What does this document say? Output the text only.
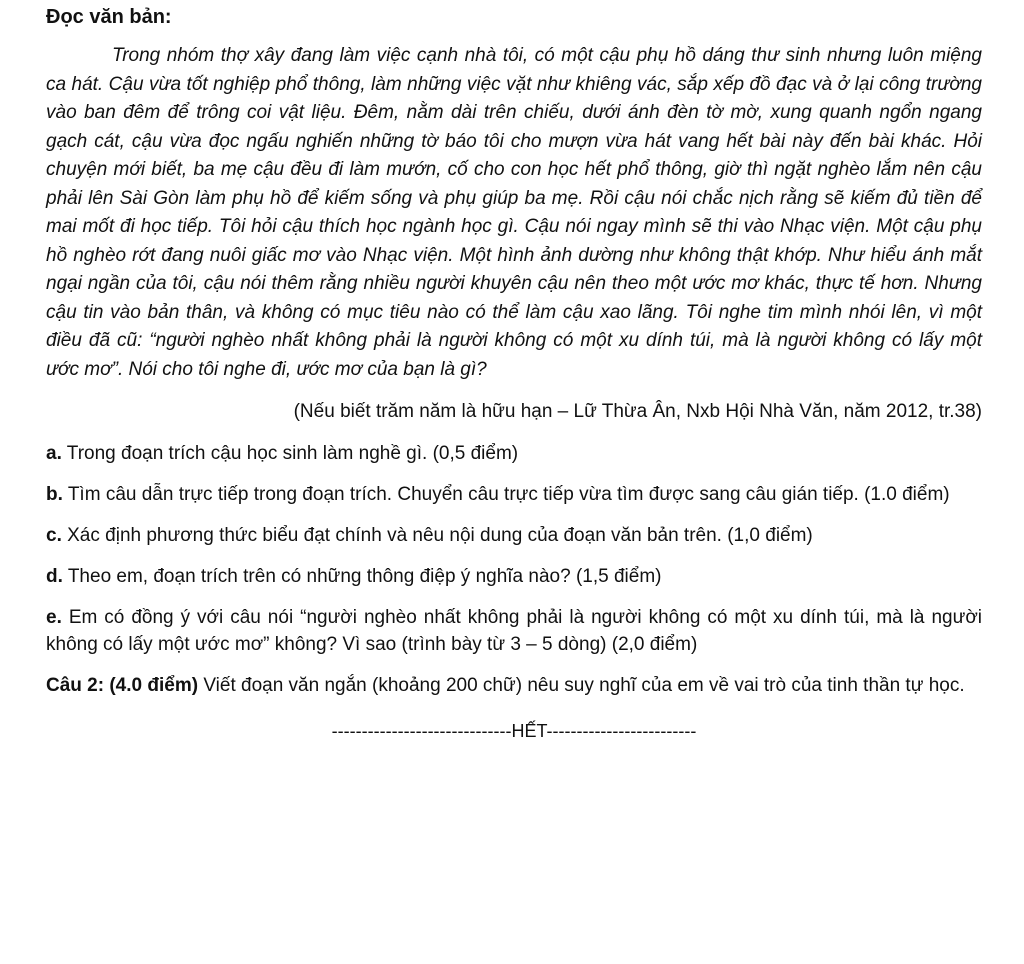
Đọc văn bản:

Trong nhóm thợ xây đang làm việc cạnh nhà tôi, có một cậu phụ hồ dáng thư sinh nhưng luôn miệng ca hát. Cậu vừa tốt nghiệp phổ thông, làm những việc vặt như khiêng vác, sắp xếp đồ đạc và ở lại công trường vào ban đêm để trông coi vật liệu. Đêm, nằm dài trên chiếu, dưới ánh đèn tờ mờ, xung quanh ngổn ngang gạch cát, cậu vừa đọc ngấu nghiến những tờ báo tôi cho mượn vừa hát vang hết bài này đến bài khác. Hỏi chuyện mới biết, ba mẹ cậu đều đi làm mướn, cố cho con học hết phổ thông, giờ thì ngặt nghèo lắm nên cậu phải lên Sài Gòn làm phụ hồ để kiếm sống và phụ giúp ba mẹ. Rồi cậu nói chắc nịch rằng sẽ kiếm đủ tiền để mai mốt đi học tiếp. Tôi hỏi cậu thích học ngành học gì. Cậu nói ngay mình sẽ thi vào Nhạc viện. Một cậu phụ hồ nghèo rớt đang nuôi giấc mơ vào Nhạc viện. Một hình ảnh dường như không thật khớp. Như hiểu ánh mắt ngại ngần của tôi, cậu nói thêm rằng nhiều người khuyên cậu nên theo một ước mơ khác, thực tế hơn. Nhưng cậu tin vào bản thân, và không có mục tiêu nào có thể làm cậu xao lãng. Tôi nghe tim mình nhói lên, vì một điều đã cũ: “người nghèo nhất không phải là người không có một xu dính túi, mà là người không có lấy một ước mơ”. Nói cho tôi nghe đi, ước mơ của bạn là gì?

(Nếu biết trăm năm là hữu hạn – Lữ Thừa Ân, Nxb Hội Nhà Văn, năm 2012, tr.38)

a. Trong đoạn trích cậu học sinh làm nghề gì. (0,5 điểm)

b. Tìm câu dẫn trực tiếp trong đoạn trích. Chuyển câu trực tiếp vừa tìm được sang câu gián tiếp. (1.0 điểm)

c. Xác định phương thức biểu đạt chính và nêu nội dung của đoạn văn bản trên. (1,0 điểm)

d. Theo em, đoạn trích trên có những thông điệp ý nghĩa nào? (1,5 điểm)

e. Em có đồng ý với câu nói “người nghèo nhất không phải là người không có một xu dính túi, mà là người không có lấy một ước mơ” không? Vì sao (trình bày từ 3 – 5 dòng) (2,0 điểm)

Câu 2: (4.0 điểm) Viết đoạn văn ngắn (khoảng 200 chữ) nêu suy nghĩ của em về vai trò của tinh thần tự học.

------------------------------HẾT-------------------------
